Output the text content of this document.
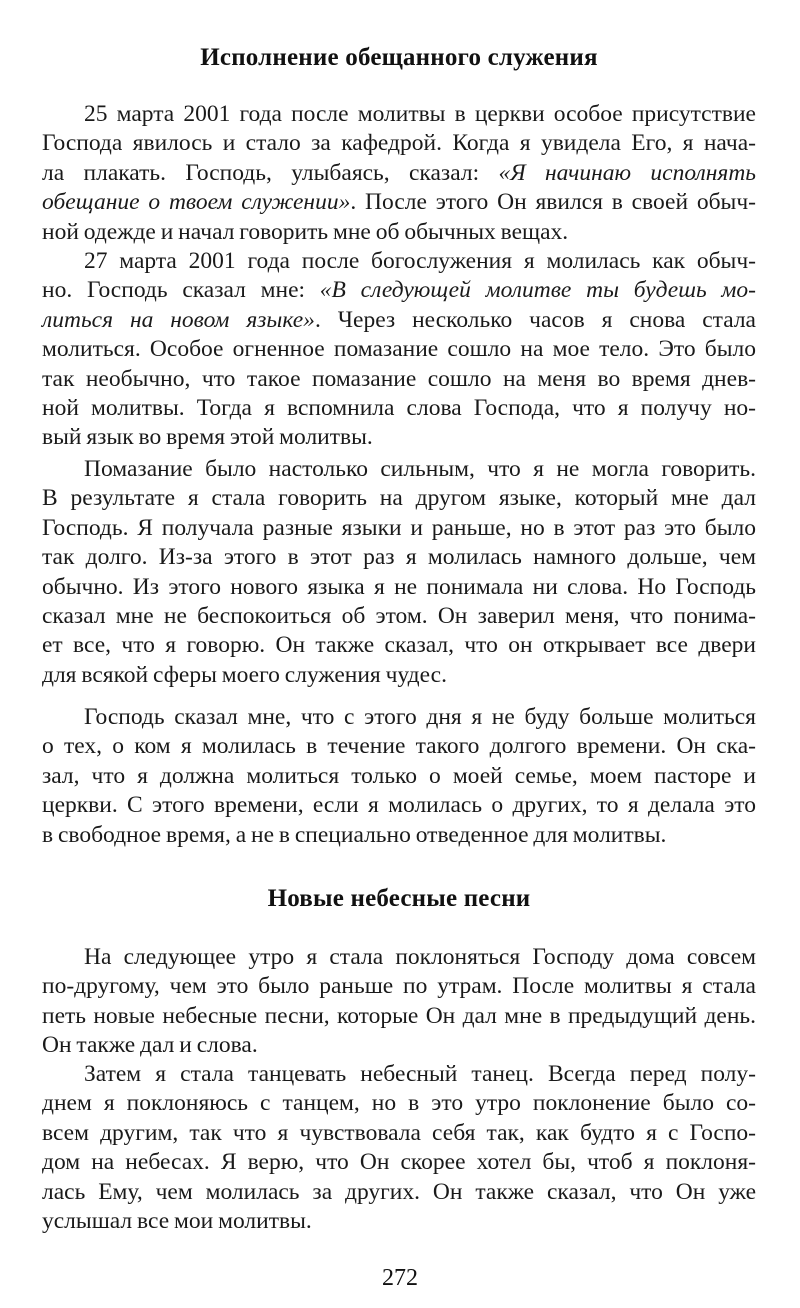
Исполнение обещанного служения
25 марта 2001 года после молитвы в церкви особое присутствие
Господа явилось и стало за кафедрой. Когда я увидела Его, я нача-
ла плакать. Господь, улыбаясь, сказал: «Я начинаю исполнять
обещание о твоем служении». После этого Он явился в своей обыч-
ной одежде и начал говорить мне об обычных вещах.
27 марта 2001 года после богослужения я молилась как обыч-
но. Господь сказал мне: «В следующей молитве ты будешь мо-
литься на новом языке». Через несколько часов я снова стала
молиться. Особое огненное помазание сошло на мое тело. Это было
так необычно, что такое помазание сошло на меня во время днев-
ной молитвы. Тогда я вспомнила слова Господа, что я получу но-
вый язык во время этой молитвы.
Помазание было настолько сильным, что я не могла говорить.
В результате я стала говорить на другом языке, который мне дал
Господь. Я получала разные языки и раньше, но в этот раз это было
так долго. Из-за этого в этот раз я молилась намного дольше, чем
обычно. Из этого нового языка я не понимала ни слова. Но Господь
сказал мне не беспокоиться об этом. Он заверил меня, что понима-
ет все, что я говорю. Он также сказал, что он открывает все двери
для всякой сферы моего служения чудес.
Господь сказал мне, что с этого дня я не буду больше молиться
о тех, о ком я молилась в течение такого долгого времени. Он ска-
зал, что я должна молиться только о моей семье, моем пасторе и
церкви. С этого времени, если я молилась о других, то я делала это
в свободное время, а не в специально отведенное для молитвы.
Новые небесные песни
На следующее утро я стала поклоняться Господу дома совсем
по-другому, чем это было раньше по утрам. После молитвы я стала
петь новые небесные песни, которые Он дал мне в предыдущий день.
Он также дал и слова.
Затем я стала танцевать небесный танец. Всегда перед полу-
днем я поклоняюсь с танцем, но в это утро поклонение было со-
всем другим, так что я чувствовала себя так, как будто я с Госпо-
дом на небесах. Я верю, что Он скорее хотел бы, чтоб я поклоня-
лась Ему, чем молилась за других. Он также сказал, что Он уже
услышал все мои молитвы.
272
